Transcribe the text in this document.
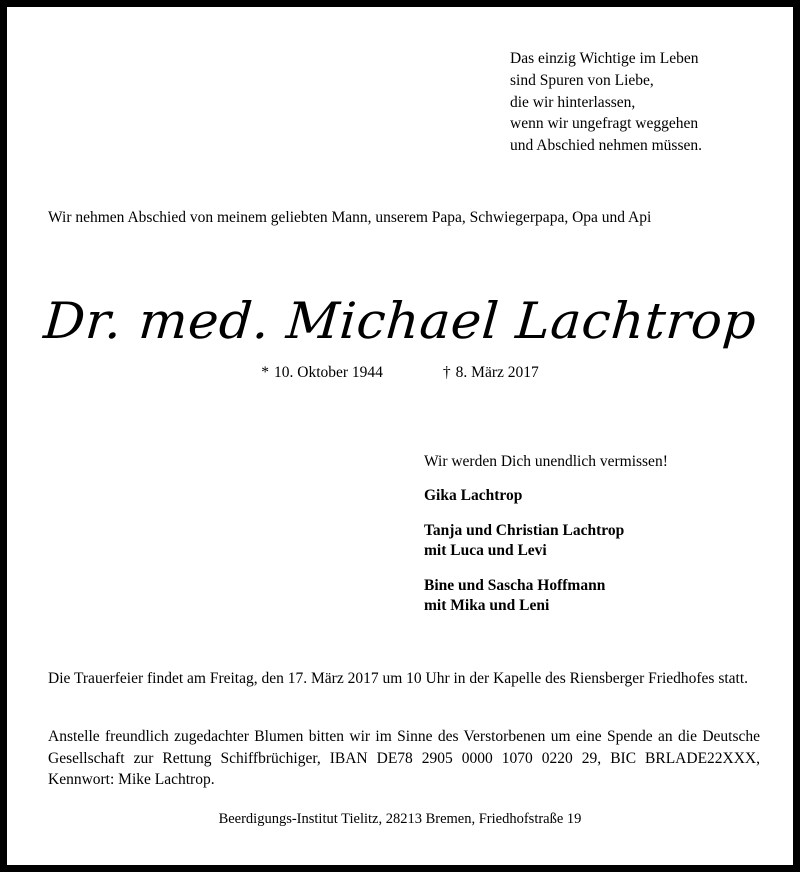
Das einzig Wichtige im Leben
sind Spuren von Liebe,
die wir hinterlassen,
wenn wir ungefragt weggehen
und Abschied nehmen müssen.
Wir nehmen Abschied von meinem geliebten Mann, unserem Papa, Schwiegerpapa, Opa und Api
Dr. med. Michael Lachtrop
* 10. Oktober 1944	† 8. März 2017

Wir werden Dich unendlich vermissen!

Gika Lachtrop

Tanja und Christian Lachtrop
mit Luca und Levi

Bine und Sascha Hoffmann
mit Mika und Leni

Die Trauerfeier findet am Freitag, den 17. März 2017 um 10 Uhr in der Kapelle des Riensberger Friedhofes statt.
Anstelle freundlich zugedachter Blumen bitten wir im Sinne des Verstorbenen um eine Spende an die Deutsche Gesellschaft zur Rettung Schiffbrüchiger, IBAN DE78 2905 0000 1070 0220 29, BIC BRLADE22XXX, Kennwort: Mike Lachtrop.
Beerdigungs-Institut Tielitz, 28213 Bremen, Friedhofstraße 19
